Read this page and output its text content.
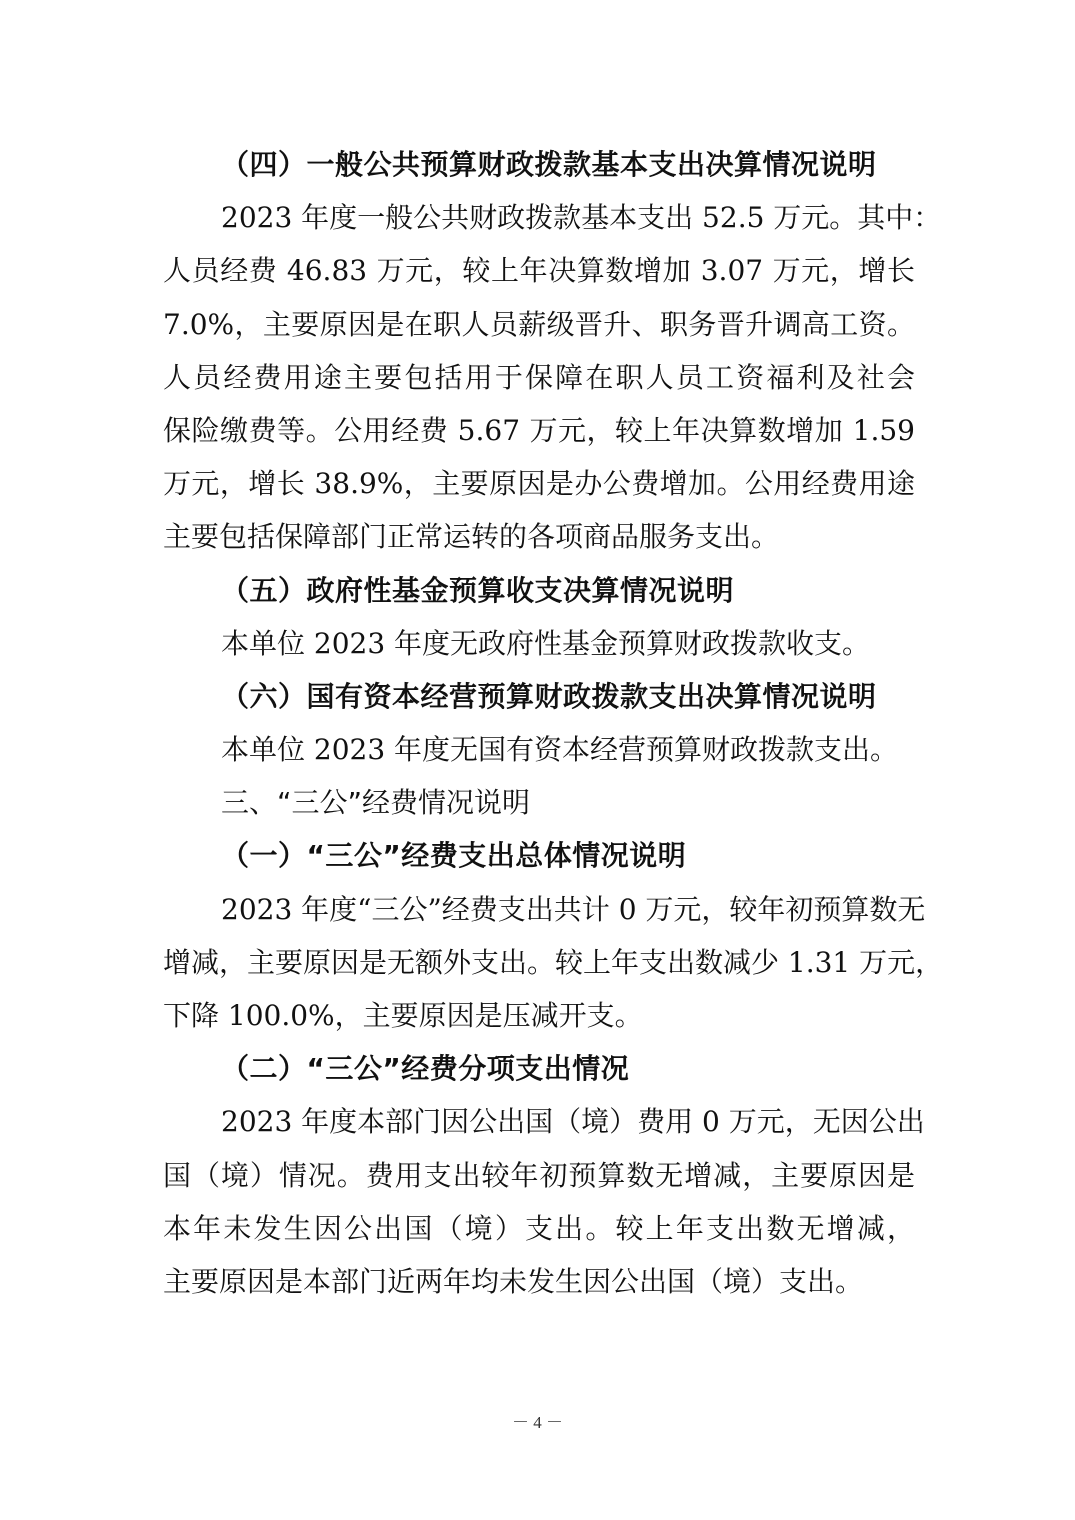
（四）一般公共预算财政拨款基本支出决算情况说明
2023 年度一般公共财政拨款基本支出 52.5 万元。其中：
人员经费 46.83 万元，较上年决算数增加 3.07 万元，增长
7.0%，主要原因是在职人员薪级晋升、职务晋升调高工资。
人员经费用途主要包括用于保障在职人员工资福利及社会
保险缴费等。公用经费 5.67 万元，较上年决算数增加 1.59
万元，增长 38.9%，主要原因是办公费增加。公用经费用途
主要包括保障部门正常运转的各项商品服务支出。
（五）政府性基金预算收支决算情况说明
本单位 2023 年度无政府性基金预算财政拨款收支。
（六）国有资本经营预算财政拨款支出决算情况说明
本单位 2023 年度无国有资本经营预算财政拨款支出。
三、“三公”经费情况说明
（一）“三公”经费支出总体情况说明
2023 年度“三公”经费支出共计 0 万元，较年初预算数无
增减，主要原因是无额外支出。较上年支出数减少 1.31 万元，
下降 100.0%，主要原因是压减开支。
（二）“三公”经费分项支出情况
2023 年度本部门因公出国（境）费用 0 万元，无因公出
国（境）情况。费用支出较年初预算数无增减，主要原因是
本年未发生因公出国（境）支出。较上年支出数无增减，
主要原因是本部门近两年均未发生因公出国（境）支出。
－ 4 －
